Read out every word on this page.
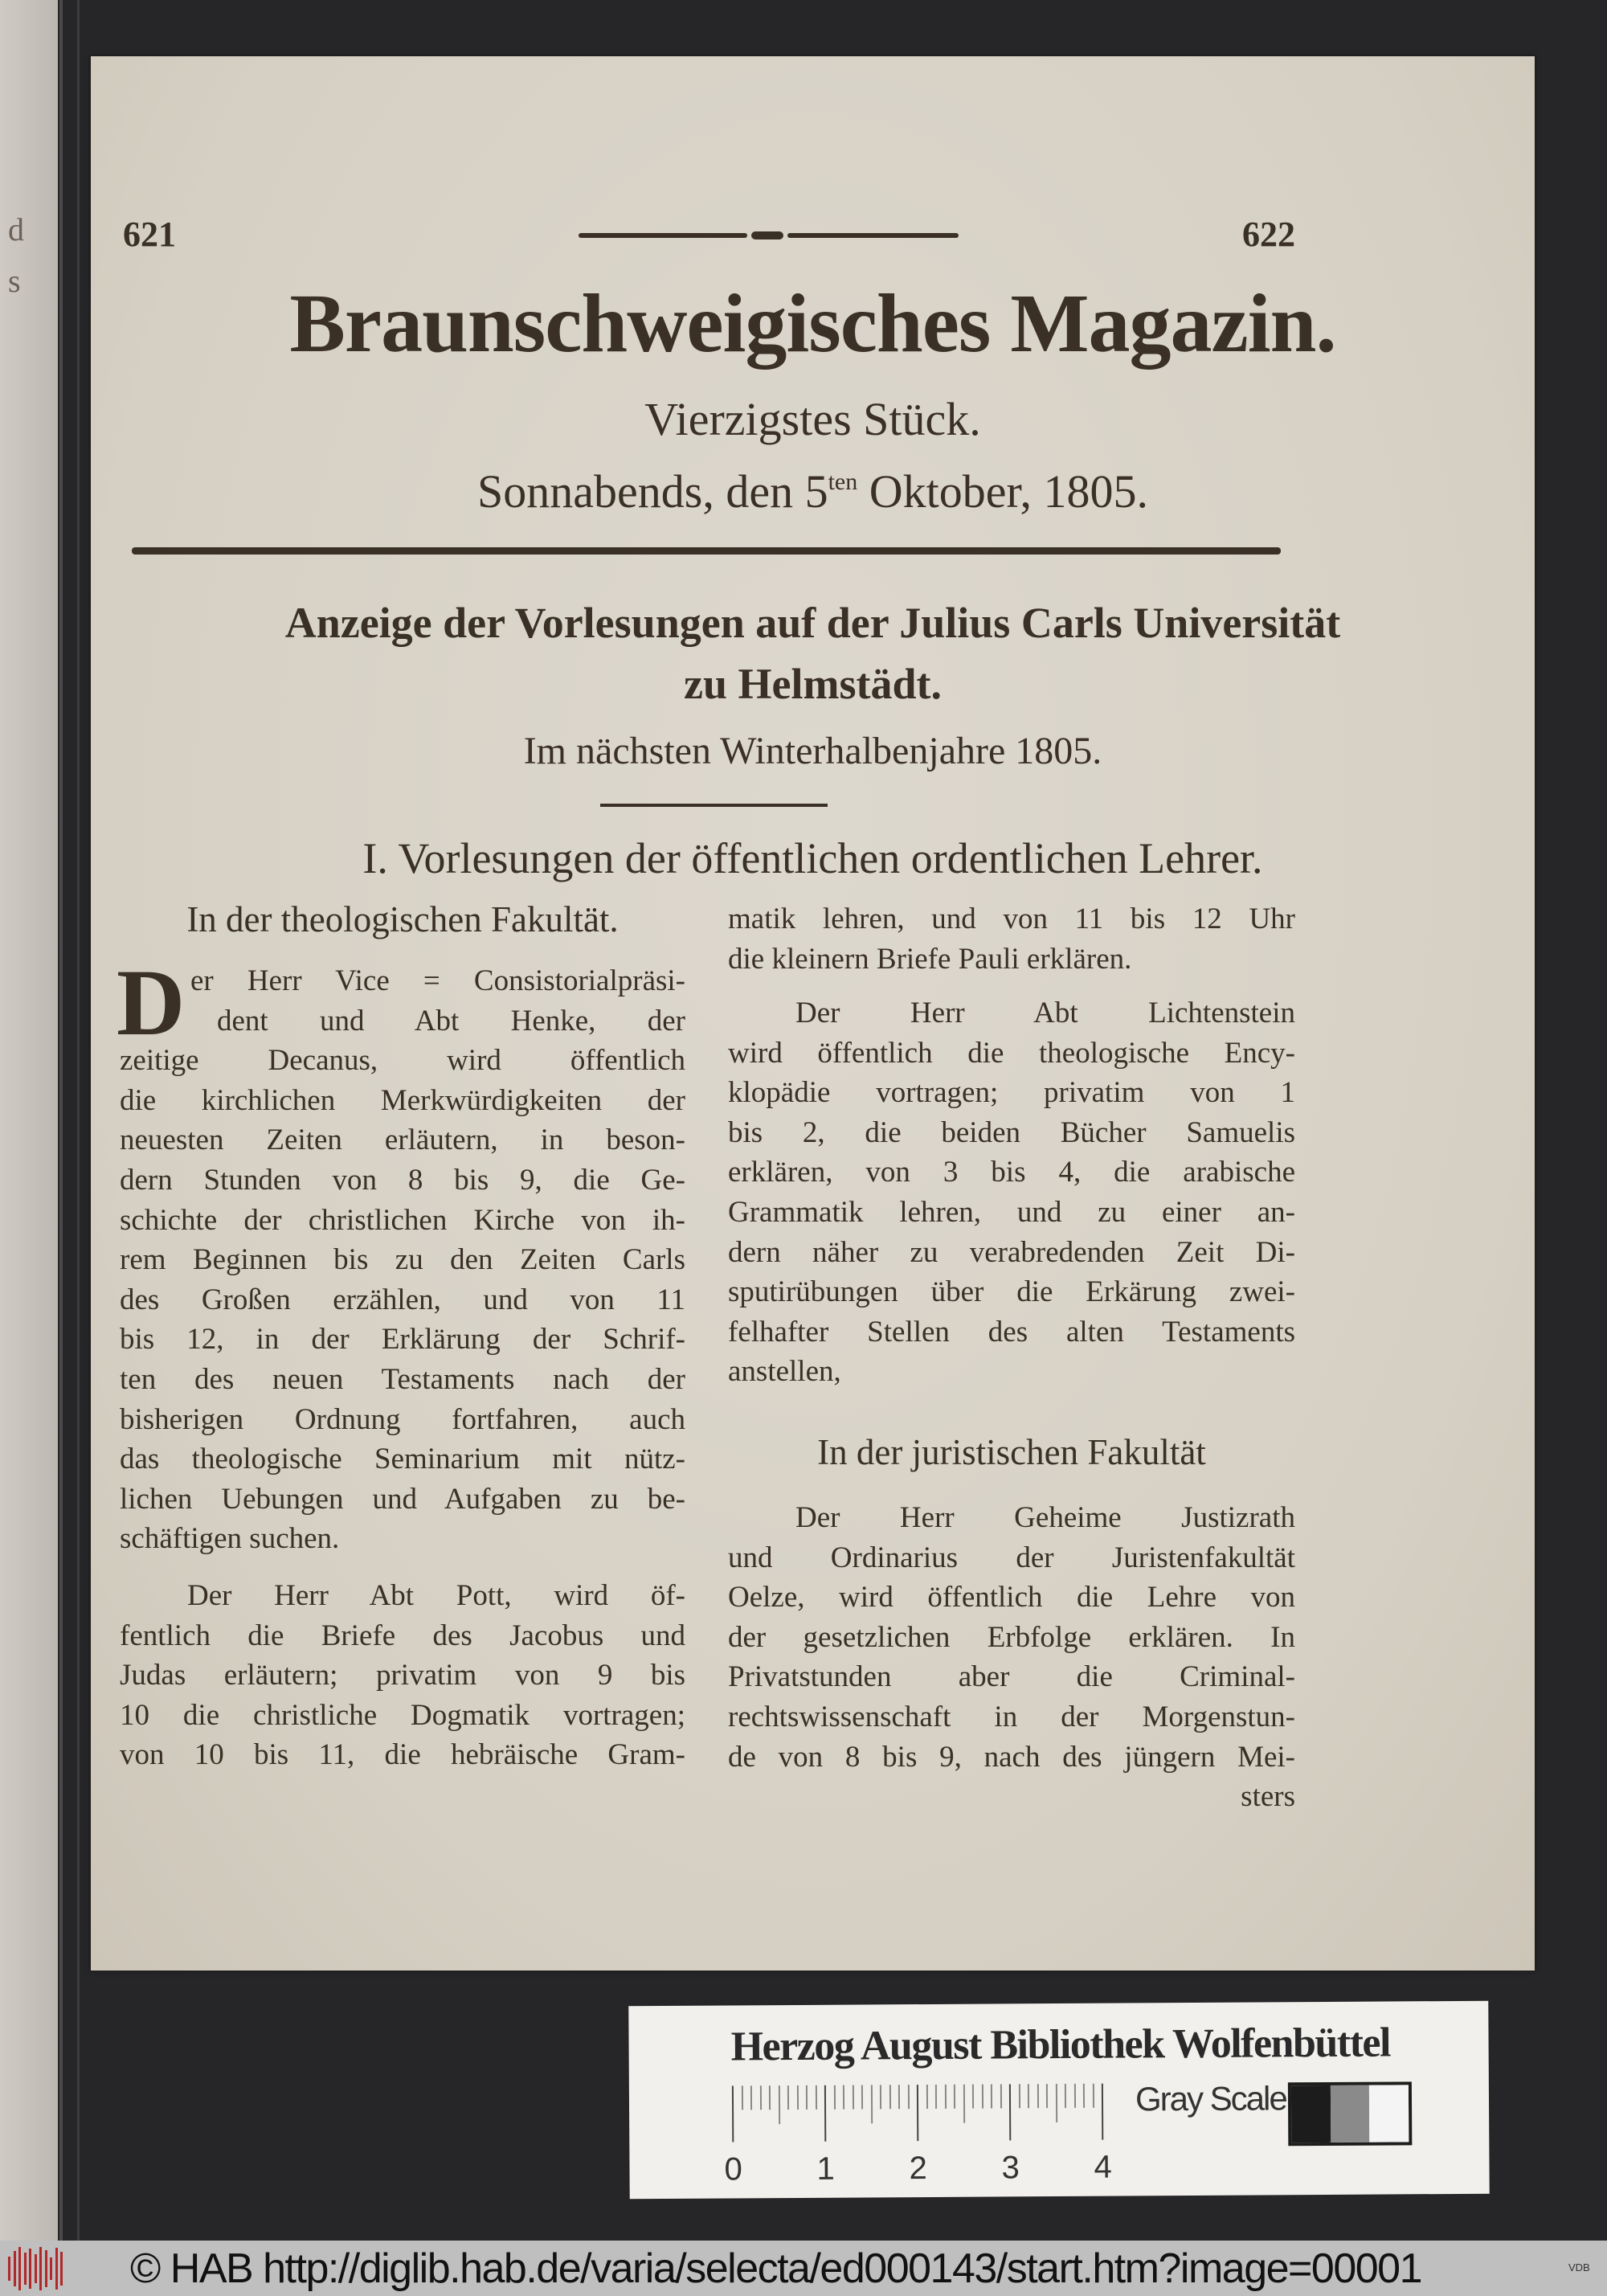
d
s
621	622
Braunschweigisches Magazin.
Vierzigstes Stück.
Sonnabends, den $5^{ten}$ Oktober, 1805.
Anzeige der Vorlesungen auf der Julius Carls Universität
zu Helmstädt.
Im nächsten Winterhalbenjahre 1805.
I. Vorlesungen der öffentlichen ordentlichen Lehrer.
In der theologischen Fakultät.
D er Herr Vice = Consistorialpräsi-
dent und Abt Henke, der
zeitige Decanus, wird öffentlich
die kirchlichen Merkwürdigkeiten der
neuesten Zeiten erläutern, in beson-
dern Stunden von 8 bis 9, die Ge-
schichte der christlichen Kirche von ih-
rem Beginnen bis zu den Zeiten Carls
des Großen erzählen, und von 11
bis 12, in der Erklärung der Schrif-
ten des neuen Testaments nach der
bisherigen Ordnung fortfahren, auch
das theologische Seminarium mit nütz-
lichen Uebungen und Aufgaben zu be-
schäftigen suchen.
Der Herr Abt Pott, wird öf-
fentlich die Briefe des Jacobus und
Judas erläutern; privatim von 9 bis
10 die christliche Dogmatik vortragen;
von 10 bis 11, die hebräische Gram-
matik lehren, und von 11 bis 12 Uhr
die kleinern Briefe Pauli erklären.
Der Herr Abt Lichtenstein
wird öffentlich die theologische Ency-
klopädie vortragen; privatim von 1
bis 2, die beiden Bücher Samuelis
erklären, von 3 bis 4, die arabische
Grammatik lehren, und zu einer an-
dern näher zu verabredenden Zeit Di-
sputirübungen über die Erkärung zwei-
felhafter Stellen des alten Testaments
anstellen,
In der juristischen Fakultät
Der Herr Geheime Justizrath
und Ordinarius der Juristenfakultät
Oelze, wird öffentlich die Lehre von
der gesetzlichen Erbfolge erklären. In
Privatstunden aber die Criminal-
rechtswissenschaft in der Morgenstun-
de von 8 bis 9, nach des jüngern Mei-
sters
Herzog August Bibliothek Wolfenbüttel
0 1 2 3 4
Gray Scale
© HAB http://diglib.hab.de/varia/selecta/ed000143/start.htm?image=00001	VDB
